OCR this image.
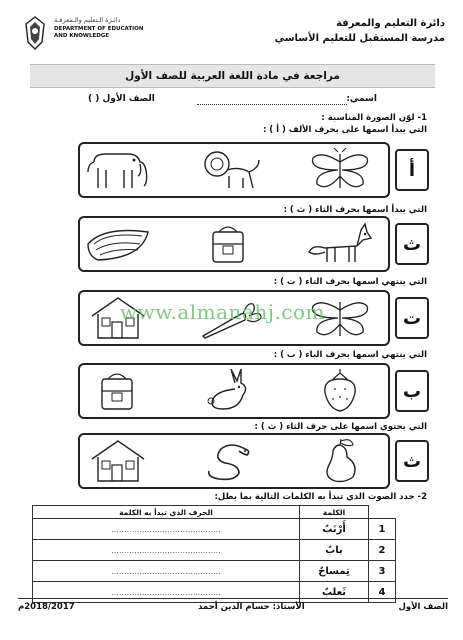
دائرة التعليم والمعرفة
مدرسة المستقبل للتعليم الأساسي
دائـرة الـتعليم والـمعرفـة
DEPARTMENT OF EDUCATION
AND KNOWLEDGE
مراجعة في مادة اللغة العربية للصف الأول
اسمي:
الصف الأول ( )
1- لوّن الصورة المناسبة :
التي يبدأ اسمها على بحرف الألف ( أ ) :
أ
التي يبدأ اسمها بحرف الثاء ( ث ) :
ث
التي ينتهي اسمها بحرف التاء ( ت ) :
ت
www.almanahj.com
التي ينتهي اسمها بحرف الباء ( ب ) :
ب
التي يحتوي اسمها على حرف الثاء ( ث ) :
ث
2- حدد الصوت الذي تبدأ به الكلمات التالية بما يطل:
	الكلمة	الحرف الذي تبدأ به الكلمة
1	أَرْنَبٌ	...........................................
2	بابٌ	...........................................
3	تِمساحٌ	...........................................
4	ثَعلبٌ	...........................................
الصف الأول
الأستاذ: حسام الدين أحمد
2018/2017م
